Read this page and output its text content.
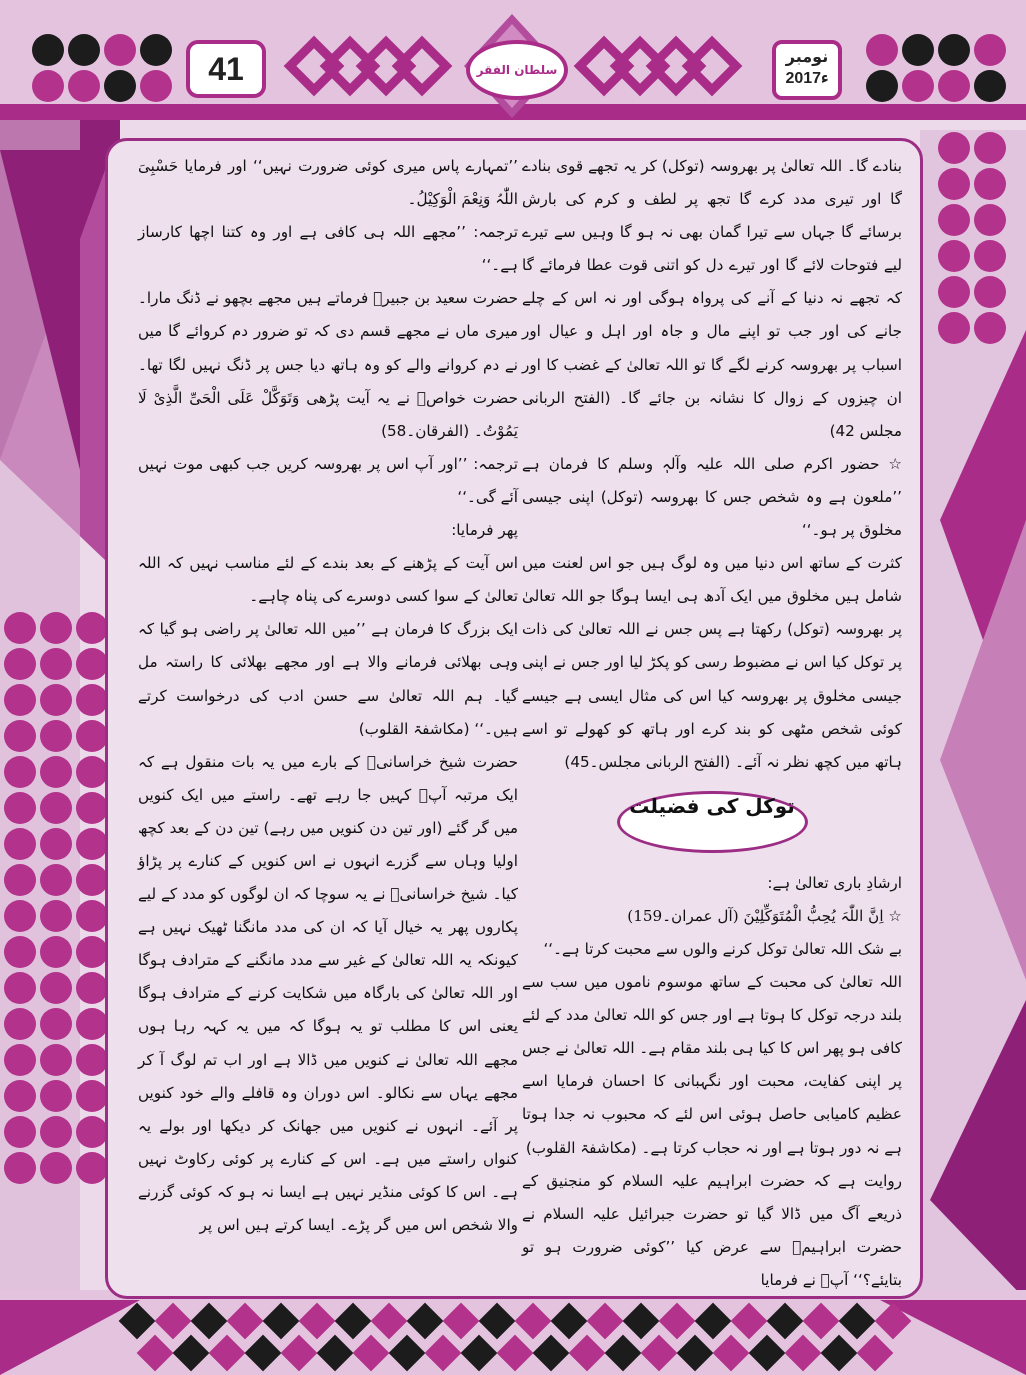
41	سلطان الفقر
نومبر
2017ء

بنادے گا۔ اللہ تعالیٰ پر بھروسہ (توکل) کر یہ تجھے قوی بنادے گا اور تیری مدد کرے گا تجھ پر لطف و کرم کی بارش برسائے گا جہاں سے تیرا گمان بھی نہ ہو گا وہیں سے تیرے لیے فتوحات لائے گا اور تیرے دل کو اتنی قوت عطا فرمائے گا کہ تجھے نہ دنیا کے آنے کی پرواہ ہوگی اور نہ اس کے چلے جانے کی اور جب تو اپنے مال و جاہ اور اہل و عیال اور اسباب پر بھروسہ کرنے لگے گا تو اللہ تعالیٰ کے غضب کا اور ان چیزوں کے زوال کا نشانہ بن جائے گا۔ (الفتح الربانی مجلس 42)

☆ حضور اکرم صلی اللہ علیہ وآلہٖ وسلم کا فرمان ہے ’’ملعون ہے وہ شخص جس کا بھروسہ (توکل) اپنی جیسی مخلوق پر ہو۔‘‘

کثرت کے ساتھ اس دنیا میں وہ لوگ ہیں جو اس لعنت میں شامل ہیں مخلوق میں ایک آدھ ہی ایسا ہوگا جو اللہ تعالیٰ پر بھروسہ (توکل) رکھتا ہے پس جس نے اللہ تعالیٰ کی ذات پر توکل کیا اس نے مضبوط رسی کو پکڑ لیا اور جس نے اپنی جیسی مخلوق پر بھروسہ کیا اس کی مثال ایسی ہے جیسے کوئی شخص مٹھی کو بند کرے اور ہاتھ کو کھولے تو اسے ہاتھ میں کچھ نظر نہ آئے۔ (الفتح الربانی مجلس۔45)

توکل کی فضیلت

ارشادِ باری تعالیٰ ہے:

☆ اِنَّ اللّٰہَ یُحِبُّ الْمُتَوَکِّلِیْنَ (آل عمران۔159)

بے شک اللہ تعالیٰ توکل کرنے والوں سے محبت کرتا ہے۔‘‘

اللہ تعالیٰ کی محبت کے ساتھ موسوم ناموں میں سب سے بلند درجہ توکل کا ہوتا ہے اور جس کو اللہ تعالیٰ مدد کے لئے کافی ہو پھر اس کا کیا ہی بلند مقام ہے۔ اللہ تعالیٰ نے جس پر اپنی کفایت، محبت اور نگہبانی کا احسان فرمایا اسے عظیم کامیابی حاصل ہوئی اس لئے کہ محبوب نہ جدا ہوتا ہے نہ دور ہوتا ہے اور نہ حجاب کرتا ہے۔ (مکاشفۃ القلوب)

روایت ہے کہ حضرت ابراہیم علیہ السلام کو منجنیق کے ذریعے آگ میں ڈالا گیا تو حضرت جبرائیل علیہ السلام نے حضرت ابراہیمؑ سے عرض کیا ’’کوئی ضرورت ہو تو بتایئے؟‘‘ آپؑ نے فرمایا

’’تمہارے پاس میری کوئی ضرورت نہیں‘‘ اور فرمایا حَسْبِیَ اللّٰہُ وَنِعْمَ الْوَکِیْلُ۔

ترجمہ: ’’مجھے اللہ ہی کافی ہے اور وہ کتنا اچھا کارساز ہے۔‘‘

حضرت سعید بن جبیرؓ فرماتے ہیں مجھے بچھو نے ڈنگ مارا۔ میری ماں نے مجھے قسم دی کہ تو ضرور دم کروائے گا میں نے دم کروانے والے کو وہ ہاتھ دیا جس پر ڈنگ نہیں لگا تھا۔ حضرت خواصؒ نے یہ آیت پڑھی وَتَوَکَّلْ عَلَی الْحَیِّ الَّذِیْ لَا یَمُوْتُ۔ (الفرقان۔58)

ترجمہ: ’’اور آپ اس پر بھروسہ کریں جب کبھی موت نہیں آئے گی۔‘‘

پھر فرمایا:

اس آیت کے پڑھنے کے بعد بندے کے لئے مناسب نہیں کہ اللہ تعالیٰ کے سوا کسی دوسرے کی پناہ چاہے۔

ایک بزرگ کا فرمان ہے ’’میں اللہ تعالیٰ پر راضی ہو گیا کہ وہی بھلائی فرمانے والا ہے اور مجھے بھلائی کا راستہ مل گیا۔ ہم اللہ تعالیٰ سے حسن ادب کی درخواست کرتے ہیں۔‘‘ (مکاشفۃ القلوب)

حضرت شیخ خراسانیؒ کے بارے میں یہ بات منقول ہے کہ ایک مرتبہ آپؒ کہیں جا رہے تھے۔ راستے میں ایک کنویں میں گر گئے (اور تین دن کنویں میں رہے) تین دن کے بعد کچھ اولیا وہاں سے گزرے انہوں نے اس کنویں کے کنارے پر پڑاؤ کیا۔ شیخ خراسانیؒ نے یہ سوچا کہ ان لوگوں کو مدد کے لیے پکاروں پھر یہ خیال آیا کہ ان کی مدد مانگنا ٹھیک نہیں ہے کیونکہ یہ اللہ تعالیٰ کے غیر سے مدد مانگنے کے مترادف ہوگا اور اللہ تعالیٰ کی بارگاہ میں شکایت کرنے کے مترادف ہوگا یعنی اس کا مطلب تو یہ ہوگا کہ میں یہ کہہ رہا ہوں مجھے اللہ تعالیٰ نے کنویں میں ڈالا ہے اور اب تم لوگ آ کر مجھے یہاں سے نکالو۔ اس دوران وہ قافلے والے خود کنویں پر آئے۔ انہوں نے کنویں میں جھانک کر دیکھا اور بولے یہ کنواں راستے میں ہے۔ اس کے کنارے پر کوئی رکاوٹ نہیں ہے۔ اس کا کوئی منڈیر نہیں ہے ایسا نہ ہو کہ کوئی گزرنے والا شخص اس میں گر پڑے۔ ایسا کرتے ہیں اس پر
